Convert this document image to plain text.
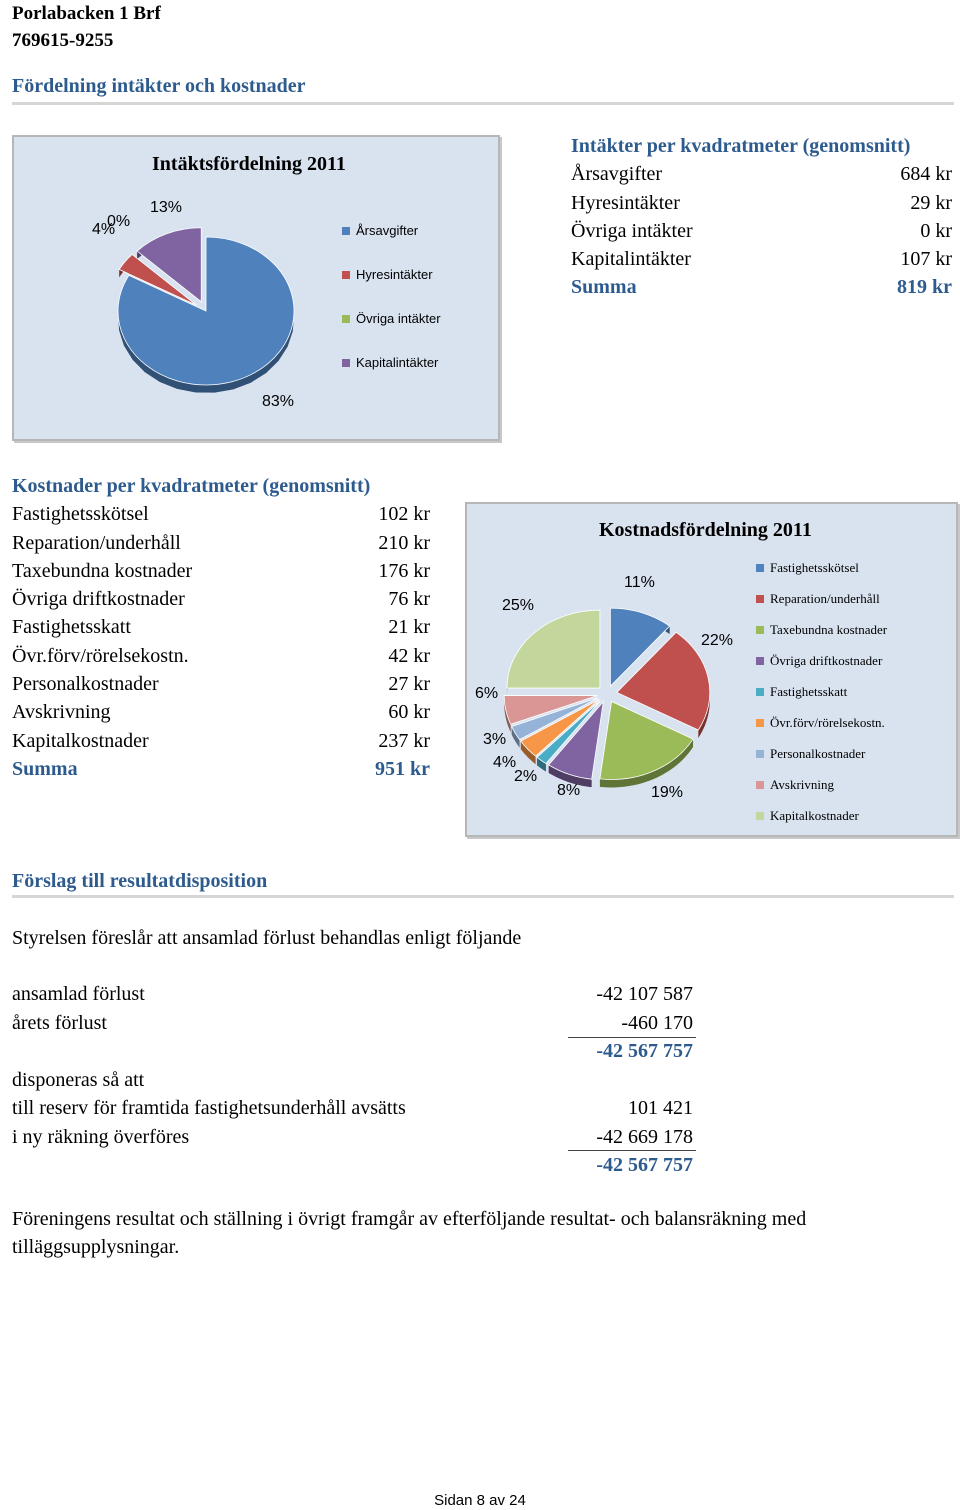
Porlabacken 1 Brf
769615-9255
Fördelning intäkter och kostnader
Intäktsfördelning 2011
13%
4%
0%
83%
Årsavgifter
Hyresintäkter
Övriga intäkter
Kapitalintäkter
Intäkter per kvadratmeter (genomsnitt)
Årsavgifter	684 kr
Hyresintäkter	29 kr
Övriga intäkter	0 kr
Kapitalintäkter	107 kr
Summa	819 kr
Kostnader per kvadratmeter (genomsnitt)
Fastighetsskötsel	102 kr
Reparation/underhåll	210 kr
Taxebundna kostnader	176 kr
Övriga driftkostnader	76 kr
Fastighetsskatt	21 kr
Övr.förv/rörelsekostn.	42 kr
Personalkostnader	27 kr
Avskrivning	60 kr
Kapitalkostnader	237 kr
Summa	951 kr
Kostnadsfördelning 2011
11%
22%
19%
8%
2%
4%
3%
6%
25%
Fastighetsskötsel
Reparation/underhåll
Taxebundna kostnader
Övriga driftkostnader
Fastighetsskatt
Övr.förv/rörelsekostn.
Personalkostnader
Avskrivning
Kapitalkostnader
Förslag till resultatdisposition
Styrelsen föreslår att ansamlad förlust behandlas enligt följande
ansamlad förlust	-42 107 587
årets förlust	-460 170
-42 567 757
disponeras så att
till reserv för framtida fastighetsunderhåll avsätts	101 421
i ny räkning överföres	-42 669 178
-42 567 757
Föreningens resultat och ställning i övrigt framgår av efterföljande resultat- och balansräkning med tilläggsupplysningar.
Sidan 8 av 24
